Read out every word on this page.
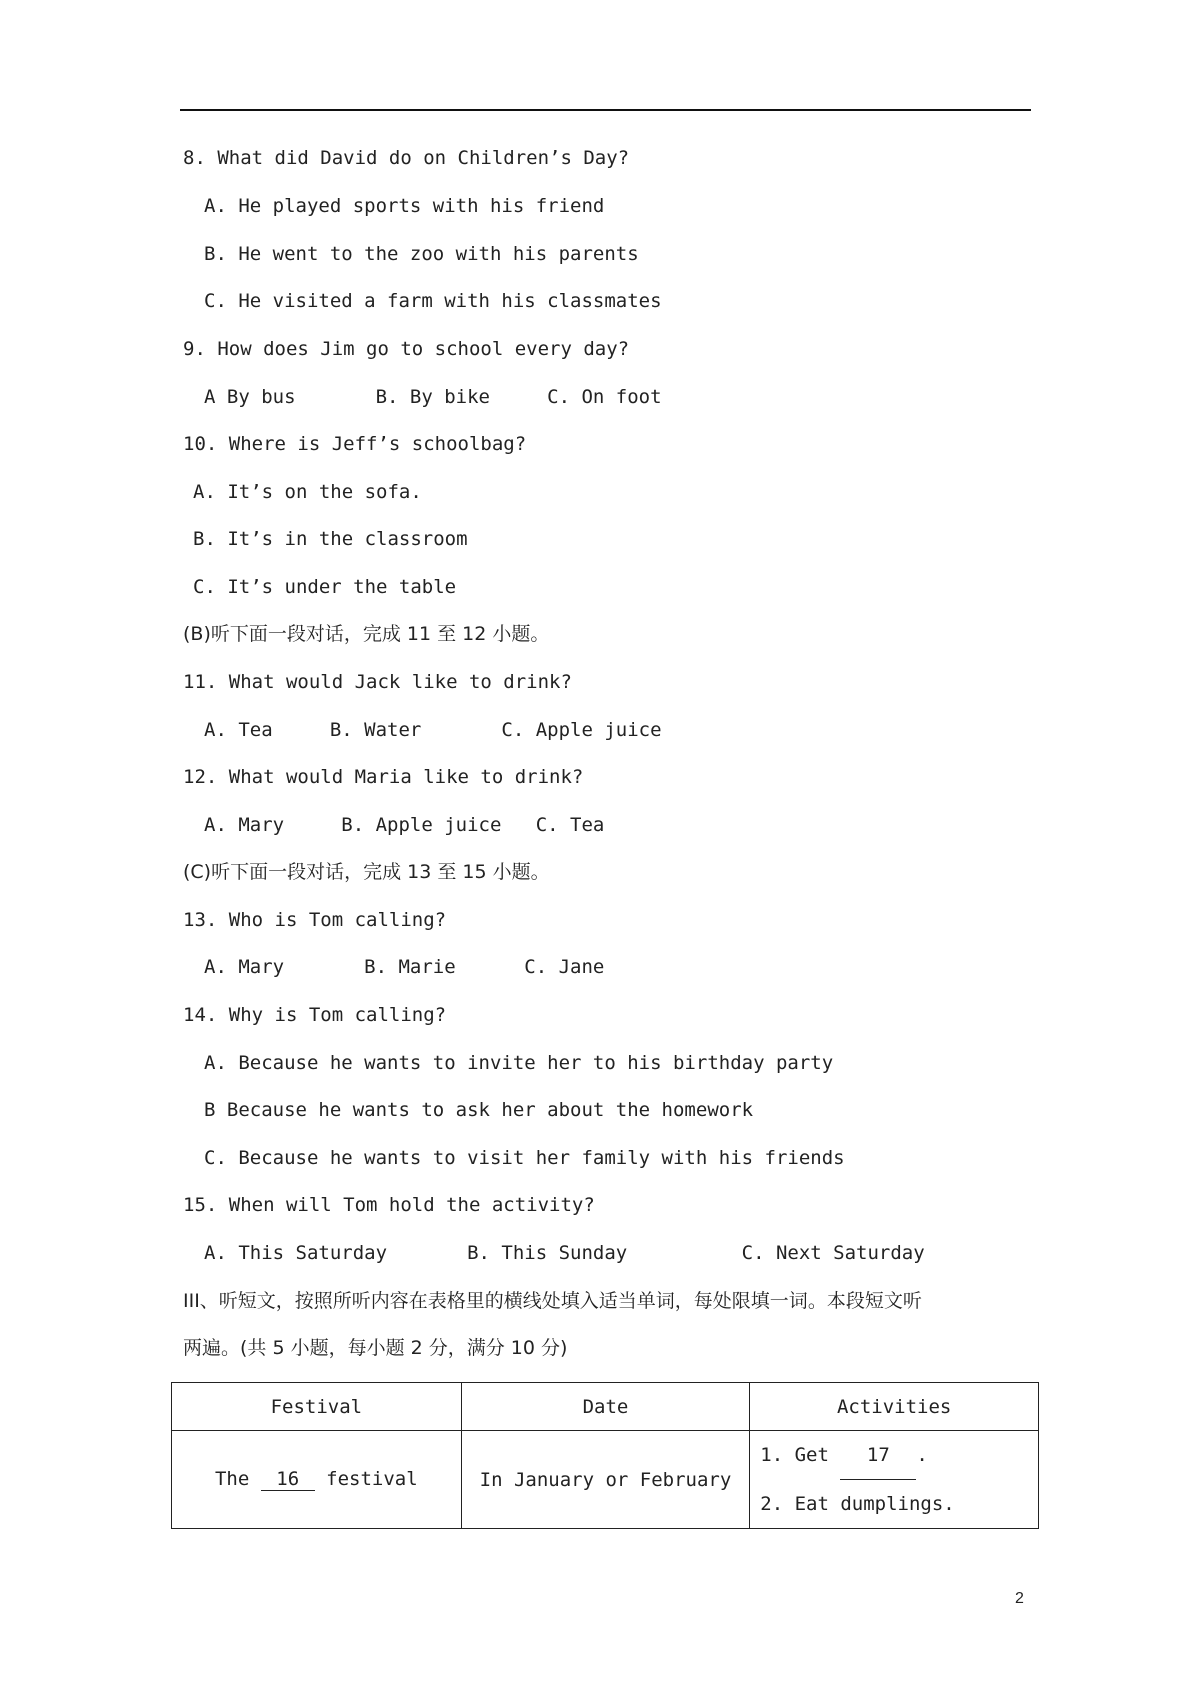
8. What did David do on Children’s Day?
A. He played sports with his friend
B. He went to the zoo with his parents
C. He visited a farm with his classmates
9. How does Jim go to school every day?
A By bus       B. By bike     C. On foot
10. Where is Jeff’s schoolbag?
A. It’s on the sofa.
B. It’s in the classroom
C. It’s under the table
(B)听下面一段对话，完成 11 至 12 小题。
11. What would Jack like to drink?
A. Tea     B. Water       C. Apple juice
12. What would Maria like to drink?
A. Mary     B. Apple juice   C. Tea
(C)听下面一段对话，完成 13 至 15 小题。
13. Who is Tom calling?
A. Mary       B. Marie      C. Jane
14. Why is Tom calling?
A. Because he wants to invite her to his birthday party
B Because he wants to ask her about the homework
C. Because he wants to visit her family with his friends
15. When will Tom hold the activity?
A. This Saturday       B. This Sunday          C. Next Saturday
III、听短文，按照所听内容在表格里的横线处填入适当单词，每处限填一词。本段短文听
两遍。(共 5 小题，每小题 2 分，满分 10 分)
Festival	Date	Activities
The 16 festival	In January or February	1. Get 17 .
2. Eat dumplings.
2
